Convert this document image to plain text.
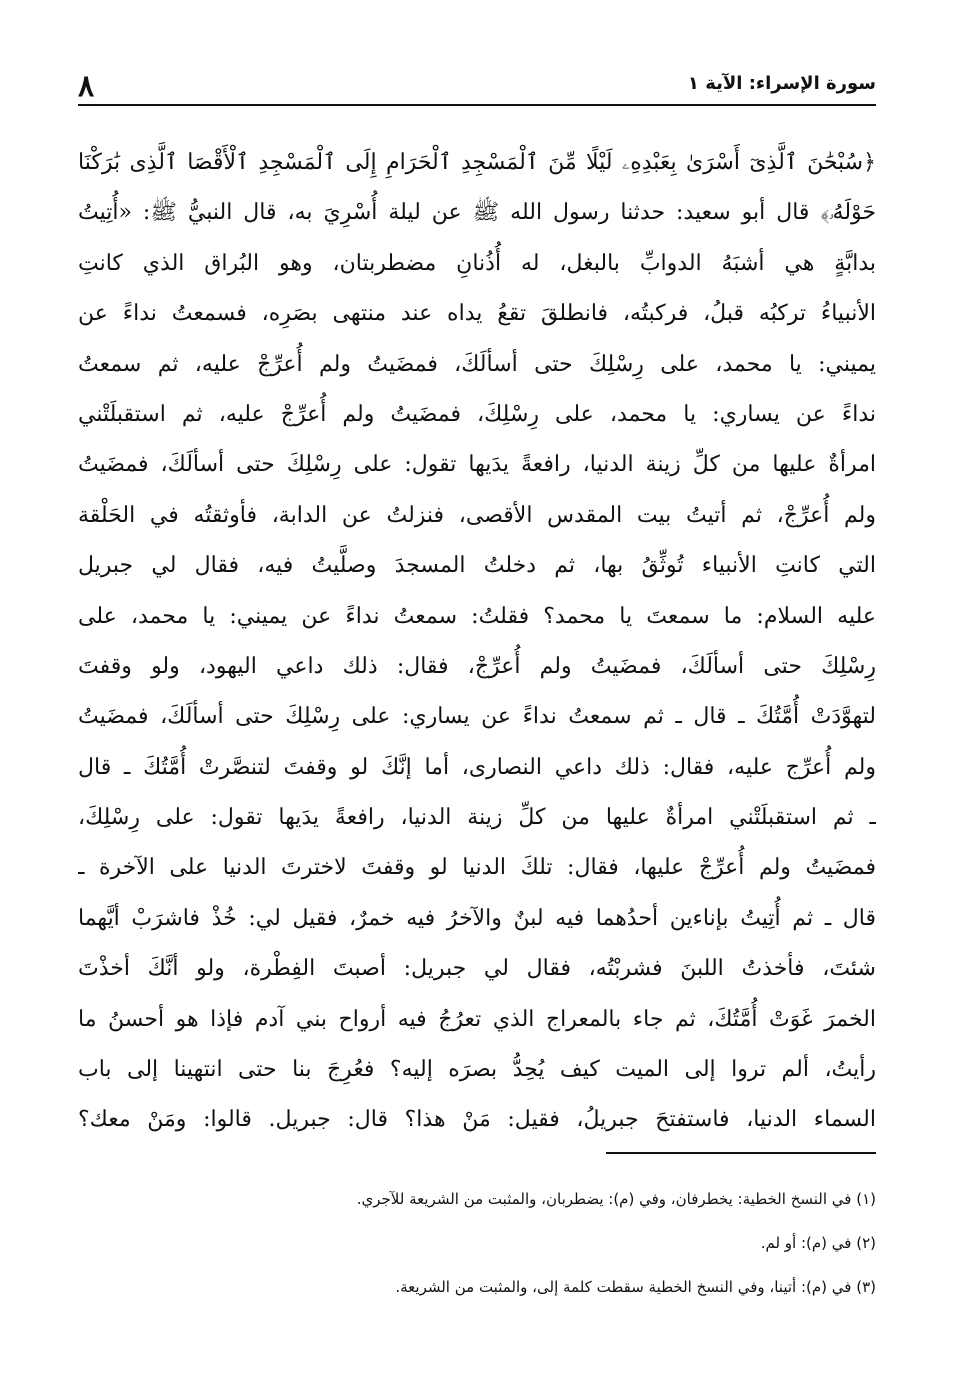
٨	سورة الإسراء: الآية ١
﴿سُبْحَٰنَ ٱلَّذِىٓ أَسْرَىٰ بِعَبْدِهِۦ لَيْلًا مِّنَ ٱلْمَسْجِدِ ٱلْحَرَامِ إِلَى ٱلْمَسْجِدِ ٱلْأَقْصَا ٱلَّذِى بَٰرَكْنَا
حَوْلَهُۥ﴾ قال أبو سعيد: حدثنا رسول الله ﷺ عن ليلة أُسْرِيَ به، قال النبيُّ ﷺ: «أُتِيتُ
بدابَّةٍ هي أشبَهُ الدوابِّ بالبغل، له أُذُنانِ مضطربتان، وهو البُراق الذي كانتِ
الأنبياءُ تركبُه قبلُ، فركبتُه، فانطلقَ تقعُ يداه عند منتهى بصَرِه، فسمعتُ نداءً عن
يميني: يا محمد، على رِسْلِكَ حتى أسألَكَ، فمضَيتُ ولم أُعرِّجْ عليه، ثم سمعتُ
نداءً عن يساري: يا محمد، على رِسْلِكَ، فمضَيتُ ولم أُعرِّجْ عليه، ثم استقبلَتْني
امرأةٌ عليها من كلِّ زينة الدنيا، رافعةً يدَيها تقول: على رِسْلِكَ حتى أسألَكَ، فمضَيتُ
ولم أُعرِّجْ، ثم أتيتُ بيت المقدس الأقصى، فنزلتُ عن الدابة، فأوثقتُه في الحَلْقة
التي كانتِ الأنبياء تُوثِّقُ بها، ثم دخلتُ المسجدَ وصلَّيتُ فيه، فقال لي جبريل
عليه السلام: ما سمعتَ يا محمد؟ فقلتُ: سمعتُ نداءً عن يميني: يا محمد، على
رِسْلِكَ حتى أسألَكَ، فمضَيتُ ولم أُعرِّجْ، فقال: ذلك داعي اليهود، ولو وقفتَ
لتهوَّدَتْ أُمَّتُكَ ـ قال ـ ثم سمعتُ نداءً عن يساري: على رِسْلِكَ حتى أسألَكَ، فمضَيتُ
ولم أُعرِّج عليه، فقال: ذلك داعي النصارى، أما إنَّكَ لو وقفتَ لتنصَّرتْ أُمَّتُكَ ـ قال
ـ ثم استقبلَتْني امرأةٌ عليها من كلِّ زينة الدنيا، رافعةً يدَيها تقول: على رِسْلِكَ،
فمضَيتُ ولم أُعرِّجْ عليها، فقال: تلكَ الدنيا لو وقفتَ لاخترتَ الدنيا على الآخرة ـ
قال ـ ثم أُتِيتُ بإناءين أحدُهما فيه لبنٌ والآخرُ فيه خمرٌ، فقيل لي: خُذْ فاشرَبْ أيَّهما
شئتَ، فأخذتُ اللبنَ فشربْتُه، فقال لي جبريل: أصبتَ الفِطْرة، ولو أنَّكَ أخذْتَ
الخمرَ غَوَتْ أُمَّتُكَ، ثم جاء بالمعراج الذي تعرُجُ فيه أرواح بني آدم فإذا هو أحسنُ ما
رأيتُ، ألم تروا إلى الميت كيف يُحِدُّ بصرَه إليه؟ فعُرِجَ بنا حتى انتهينا إلى باب
السماء الدنيا، فاستفتحَ جبريلُ، فقيل: مَنْ هذا؟ قال: جبريل. قالوا: ومَنْ معك؟
(١) في النسخ الخطية: يخطرفان، وفي (م): يضطربان، والمثبت من الشريعة للآجري.
(٢) في (م): أو لم.
(٣) في (م): أتينا، وفي النسخ الخطية سقطت كلمة إلى، والمثبت من الشريعة.
